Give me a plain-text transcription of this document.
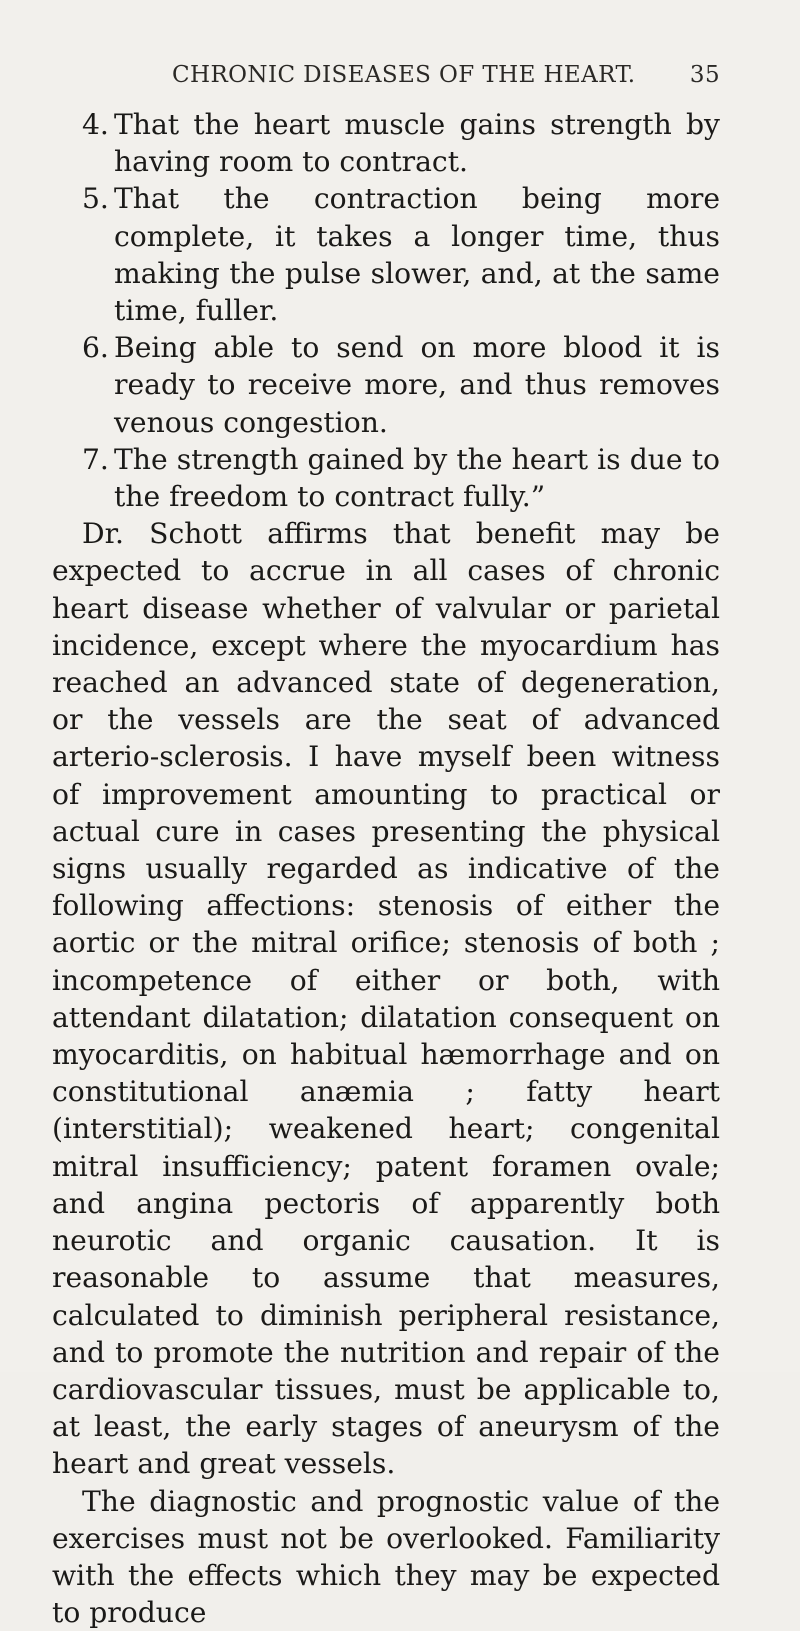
CHRONIC DISEASES OF THE HEART. 35

4. That the heart muscle gains strength by having room to contract.

5. That the contraction being more complete, it takes a longer time, thus making the pulse slower, and, at the same time, fuller.

6. Being able to send on more blood it is ready to receive more, and thus removes venous congestion.

7. The strength gained by the heart is due to the freedom to contract fully.”

Dr. Schott affirms that benefit may be expected to accrue in all cases of chronic heart disease whether of valvular or parietal incidence, except where the myocardium has reached an advanced state of degeneration, or the vessels are the seat of advanced arterio-sclerosis. I have myself been witness of improvement amounting to practical or actual cure in cases presenting the physical signs usually regarded as indicative of the following affections: stenosis of either the aortic or the mitral orifice; stenosis of both ; incompetence of either or both, with attendant dilatation; dilatation consequent on myocarditis, on habitual hæmorrhage and on constitutional anæmia ; fatty heart (interstitial); weakened heart; congenital mitral insufficiency; patent foramen ovale; and angina pectoris of apparently both neurotic and organic causation. It is reasonable to assume that measures, calculated to diminish peripheral resistance, and to promote the nutrition and repair of the cardiovascular tissues, must be applicable to, at least, the early stages of aneurysm of the heart and great vessels.

The diagnostic and prognostic value of the exercises must not be overlooked. Familiarity with the effects which they may be expected to produce
